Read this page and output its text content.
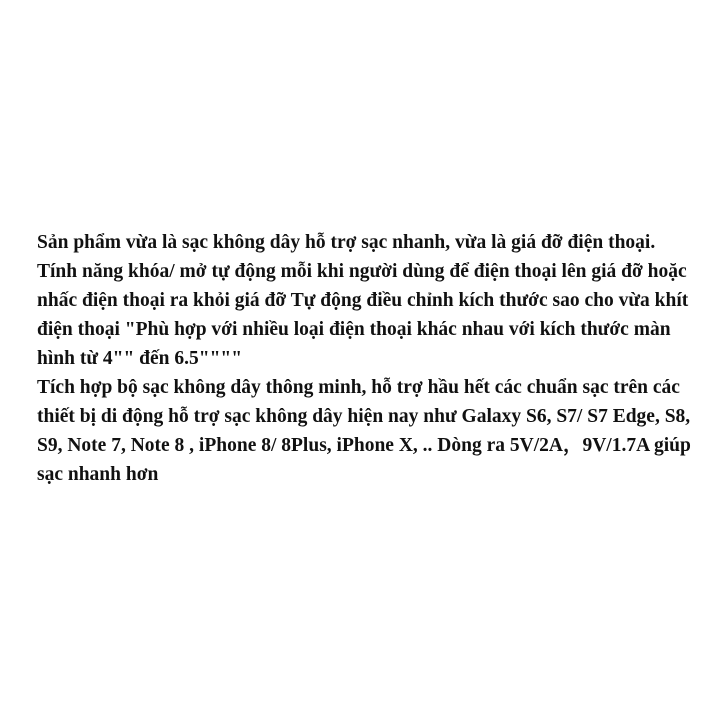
Sản phẩm vừa là sạc không dây hỗ trợ sạc nhanh, vừa là giá đỡ điện thoại.
Tính năng khóa/ mở tự động mỗi khi người dùng để điện thoại lên giá đỡ hoặc
nhấc điện thoại ra khỏi giá đỡ Tự động điều chỉnh kích thước sao cho vừa khít
điện thoại "Phù hợp với nhiều loại điện thoại khác nhau với kích thước màn
hình từ 4"" đến 6.5""""
Tích hợp bộ sạc không dây thông minh, hỗ trợ hầu hết các chuẩn sạc trên các
thiết bị di động hỗ trợ sạc không dây hiện nay như Galaxy S6, S7/ S7 Edge, S8,
S9, Note 7, Note 8 , iPhone 8/ 8Plus, iPhone X, .. Dòng ra 5V/2A，9V/1.7A giúp
sạc nhanh hơn
